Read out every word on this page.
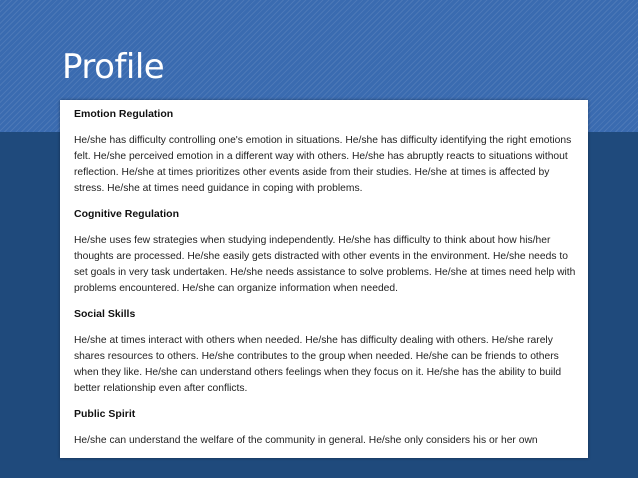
Profile
Emotion Regulation

He/she has difficulty controlling one's emotion in situations. He/she has difficulty identifying the right emotions felt. He/she perceived emotion in a different way with others. He/she has abruptly reacts to situations without reflection. He/she at times prioritizes other events aside from their studies. He/she at times is affected by stress. He/she at times need guidance in coping with problems.

Cognitive Regulation

He/she uses few strategies when studying independently. He/she has difficulty to think about how his/her thoughts are processed. He/she easily gets distracted with other events in the environment. He/she needs to set goals in very task undertaken. He/she needs assistance to solve problems. He/she at times need help with problems encountered. He/she can organize information when needed.

Social Skills

He/she at times interact with others when needed. He/she has difficulty dealing with others. He/she rarely shares resources to others. He/she contributes to the group when needed. He/she can be friends to others when they like. He/she can understand others feelings when they focus on it. He/she has the ability to build better relationship even after conflicts.

Public Spirit

He/she can understand the welfare of the community in general. He/she only considers his or her own
